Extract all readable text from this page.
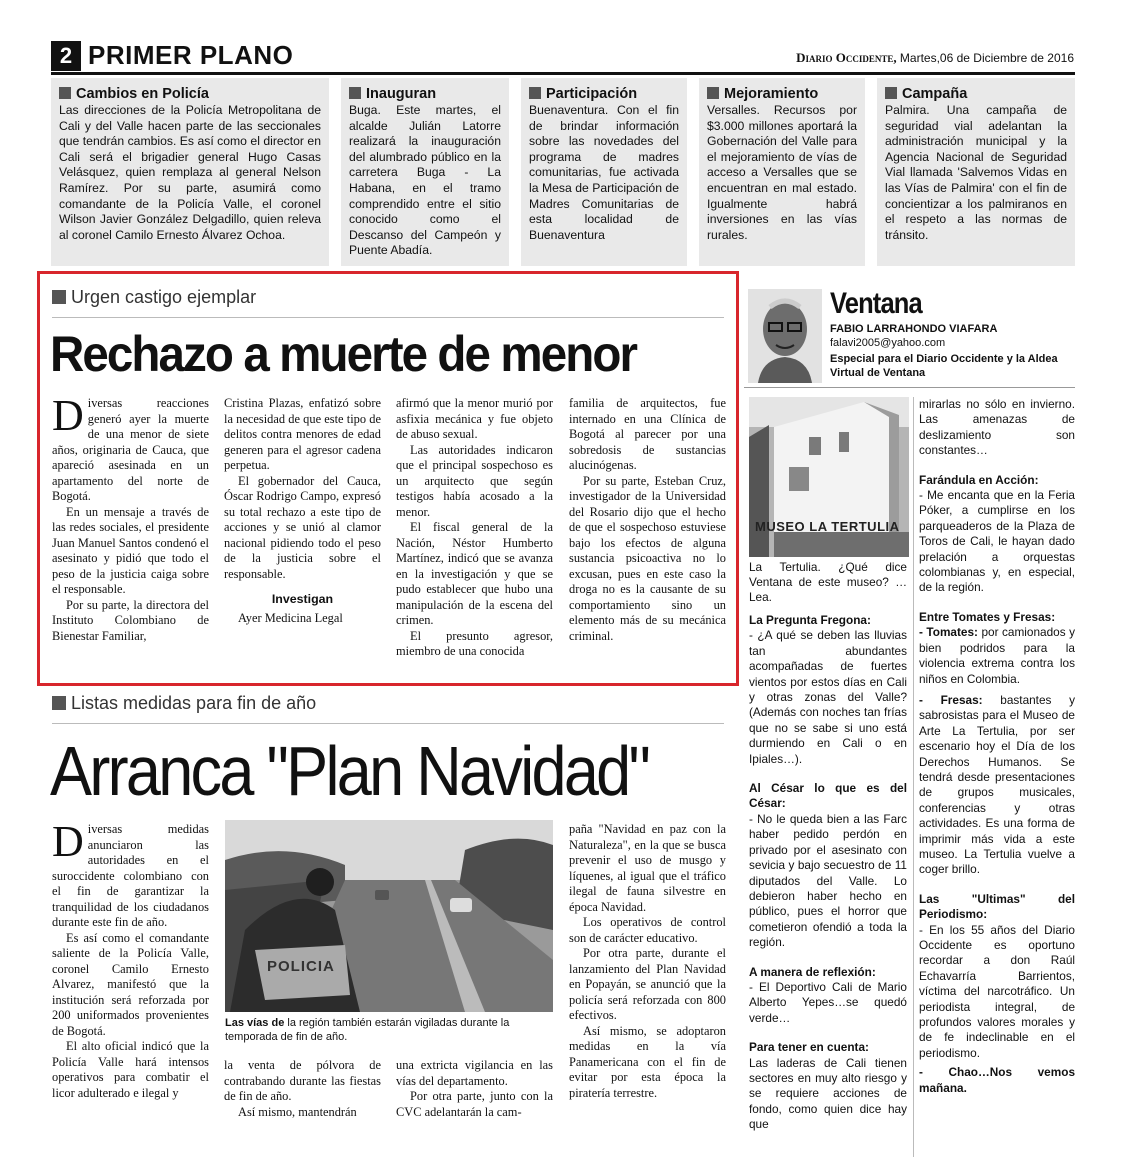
2 PRIMER PLANO	Diario Occidente, Martes,06 de Diciembre de 2016
Cambios en Policía
Las direcciones de la Policía Metropolitana de Cali y del Valle hacen parte de las seccionales que tendrán cambios. Es así como el director en Cali será el brigadier general Hugo Casas Velásquez, quien remplaza al general Nelson Ramírez. Por su parte, asumirá como comandante de la Policía Valle, el coronel Wilson Javier González Delgadillo, quien releva al coronel Camilo Ernesto Álvarez Ochoa.
Inauguran
Buga. Este martes, el alcalde Julián Latorre realizará la inauguración del alumbrado público en la carretera Buga - La Habana, en el tramo comprendido entre el sitio conocido como el Descanso del Campeón y Puente Abadía.
Participación
Buenaventura. Con el fin de brindar información sobre las novedades del programa de madres comunitarias, fue activada la Mesa de Participación de Madres Comunitarias de esta localidad de Buenaventura
Mejoramiento
Versalles. Recursos por $3.000 millones aportará la Gobernación del Valle para el mejoramiento de vías de acceso a Versalles que se encuentran en mal estado. Igualmente habrá inversiones en las vías rurales.
Campaña
Palmira. Una campaña de seguridad vial adelantan la administración municipal y la Agencia Nacional de Seguridad Vial llamada 'Salvemos Vidas en las Vías de Palmira' con el fin de concientizar a los palmiranos en el respeto a las normas de tránsito.
Urgen castigo ejemplar
Rechazo a muerte de menor

Diversas reacciones generó ayer la muerte de una menor de siete años, originaria de Cauca, que apareció asesinada en un apartamento del norte de Bogotá.

En un mensaje a través de las redes sociales, el presidente Juan Manuel Santos condenó el asesinato y pidió que todo el peso de la justicia caiga sobre el responsable.

Por su parte, la directora del Instituto Colombiano de Bienestar Familiar,

Cristina Plazas, enfatizó sobre la necesidad de que este tipo de delitos contra menores de edad generen para el agresor cadena perpetua.

El gobernador del Cauca, Óscar Rodrigo Campo, expresó su total rechazo a este tipo de acciones y se unió al clamor nacional pidiendo todo el peso de la justicia sobre el responsable.

Investigan

Ayer Medicina Legal

afirmó que la menor murió por asfixia mecánica y fue objeto de abuso sexual.

Las autoridades indicaron que el principal sospechoso es un arquitecto que según testigos había acosado a la menor.

El fiscal general de la Nación, Néstor Humberto Martínez, indicó que se avanza en la investigación y que se pudo establecer que hubo una manipulación de la escena del crimen.

El presunto agresor, miembro de una conocida

familia de arquitectos, fue internado en una Clínica de Bogotá al parecer por una sobredosis de sustancias alucinógenas.

Por su parte, Esteban Cruz, investigador de la Universidad del Rosario dijo que el hecho de que el sospechoso estuviese bajo los efectos de alguna sustancia psicoactiva no lo excusan, pues en este caso la droga no es la causante de su comportamiento sino un elemento más de su mecánica criminal.

Listas medidas para fin de año
Arranca "Plan Navidad"

Diversas medidas anunciaron las autoridades en el suroccidente colombiano con el fin de garantizar la tranquilidad de los ciudadanos durante este fin de año.

Es así como el comandante saliente de la Policía Valle, coronel Camilo Ernesto Alvarez, manifestó que la institución será reforzada por 200 uniformados provenientes de Bogotá.

El alto oficial indicó que la Policía Valle hará intensos operativos para combatir el licor adulterado e ilegal y

POLICIA
Las vías de la región también estarán vigiladas durante la temporada de fin de año.

la venta de pólvora de contrabando durante las fiestas de fin de año.

Así mismo, mantendrán

una extricta vigilancia en las vías del departamento.

Por otra parte, junto con la CVC adelantarán la cam-

paña "Navidad en paz con la Naturaleza", en la que se busca prevenir el uso de musgo y líquenes, al igual que el tráfico ilegal de fauna silvestre en época Navidad.

Los operativos de control son de carácter educativo.

Por otra parte, durante el lanzamiento del Plan Navidad en Popayán, se anunció que la policía será reforzada con 800 efectivos.

Así mismo, se adoptaron medidas en la vía Panamericana con el fin de evitar por esta época la piratería terrestre.

Ventana
FABIO LARRAHONDO VIAFARA
falavi2005@yahoo.com
Especial para el Diario Occidente y la Aldea Virtual de Ventana
MUSEO LA TERTULIA
La Tertulia. ¿Qué dice Ventana de este museo? …Lea.

La Pregunta Fregona:

- ¿A qué se deben las lluvias tan abundantes acompañadas de fuertes vientos por estos días en Cali y otras zonas del Valle? (Además con noches tan frías que no se sabe si uno está durmiendo en Cali o en Ipiales…).

Al César lo que es del César:

- No le queda bien a las Farc haber pedido perdón en privado por el asesinato con sevicia y bajo secuestro de 11 diputados del Valle. Lo debieron haber hecho en público, pues el horror que cometieron ofendió a toda la región.

A manera de reflexión:

- El Deportivo Cali de Mario Alberto Yepes…se quedó verde…

Para tener en cuenta:

Las laderas de Cali tienen sectores en muy alto riesgo y se requiere acciones de fondo, como quien dice hay que

mirarlas no sólo en invierno. Las amenazas de deslizamiento son constantes…

Farándula en Acción:

- Me encanta que en la Feria Póker, a cumplirse en los parqueaderos de la Plaza de Toros de Cali, le hayan dado prelación a orquestas colombianas y, en especial, de la región.

Entre Tomates y Fresas:

- Tomates: por camionados y bien podridos para la violencia extrema contra los niños en Colombia.

- Fresas: bastantes y sabrosistas para el Museo de Arte La Tertulia, por ser escenario hoy el Día de los Derechos Humanos. Se tendrá desde presentaciones de grupos musicales, conferencias y otras actividades. Es una forma de imprimir más vida a este museo. La Tertulia vuelve a coger brillo.

Las "Ultimas" del Periodismo:

- En los 55 años del Diario Occidente es oportuno recordar a don Raúl Echavarría Barrientos, víctima del narcotráfico. Un periodista integral, de profundos valores morales y de fe indeclinable en el periodismo.

- Chao…Nos vemos mañana.
